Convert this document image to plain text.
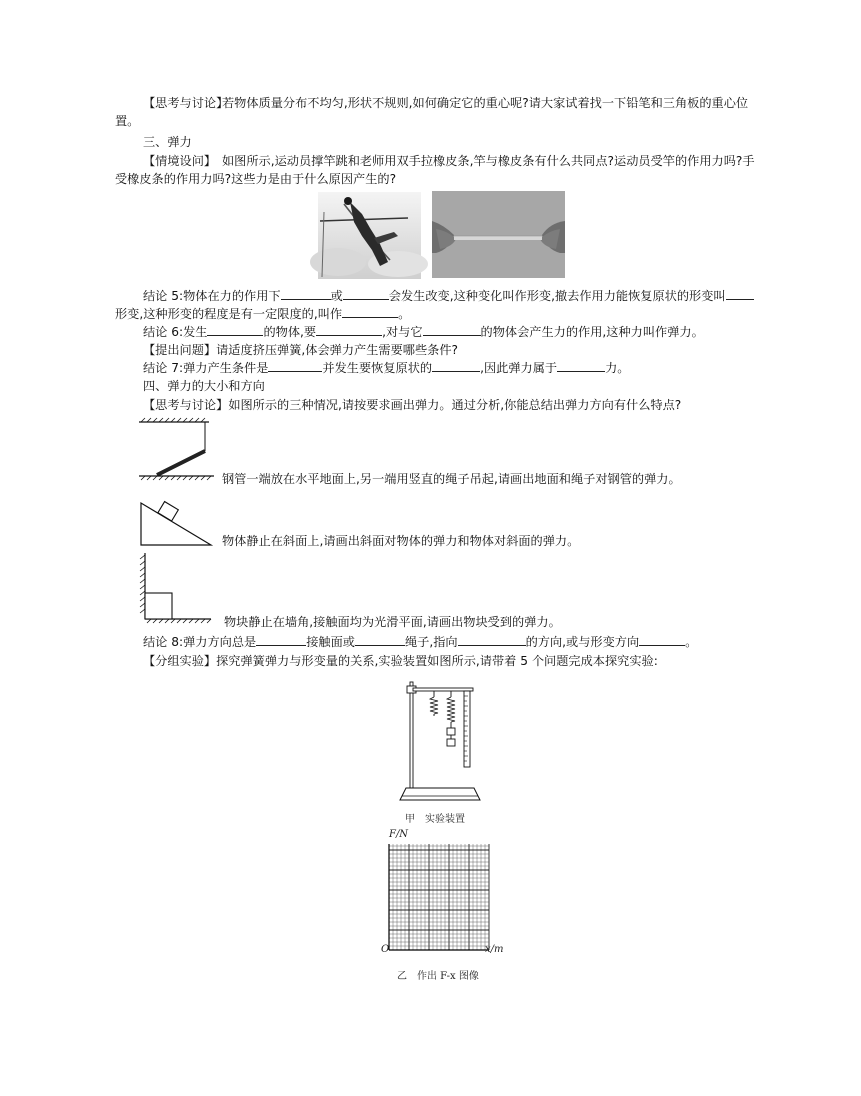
【思考与讨论】
若物体质量分布不均匀,形状不规则,如何确定它的重心呢?请大家试着找一下铅笔和三角板的重心位
置。
三、弹力
【情境设问】 如图所示,运动员撑竿跳和老师用双手拉橡皮条,竿与橡皮条有什么共同点?运动员受竿的作用力吗?手
受橡皮条的作用力吗?这些力是由于什么原因产生的?
结论 5:物体在力的作用下	或	会发生改变,这种变化叫作形变,撤去作用力能恢复原状的形变叫
形变,这种形变的程度是有一定限度的,叫作	。
结论 6:发生	的物体,要	,对与它	的物体会产生力的作用,这种力叫作弹力。
【提出问题】请适度挤压弹簧,体会弹力产生需要哪些条件?
结论 7:弹力产生条件是	并发生要恢复原状的	,因此弹力属于	力。
四、弹力的大小和方向
【思考与讨论】如图所示的三种情况,请按要求画出弹力。通过分析,你能总结出弹力方向有什么特点?
钢管一端放在水平地面上,另一端用竖直的绳子吊起,请画出地面和绳子对钢管的弹力。
物体静止在斜面上,请画出斜面对物体的弹力和物体对斜面的弹力。
物块静止在墙角,接触面均为光滑平面,请画出物块受到的弹力。
结论 8:弹力方向总是	接触面或	绳子,指向	的方向,或与形变方向	。
【分组实验】探究弹簧弹力与形变量的关系,实验装置如图所示,请带着 5 个问题完成本探究实验:
甲　实验装置
F/N
O	x/m
乙　作出 F-x 图像
